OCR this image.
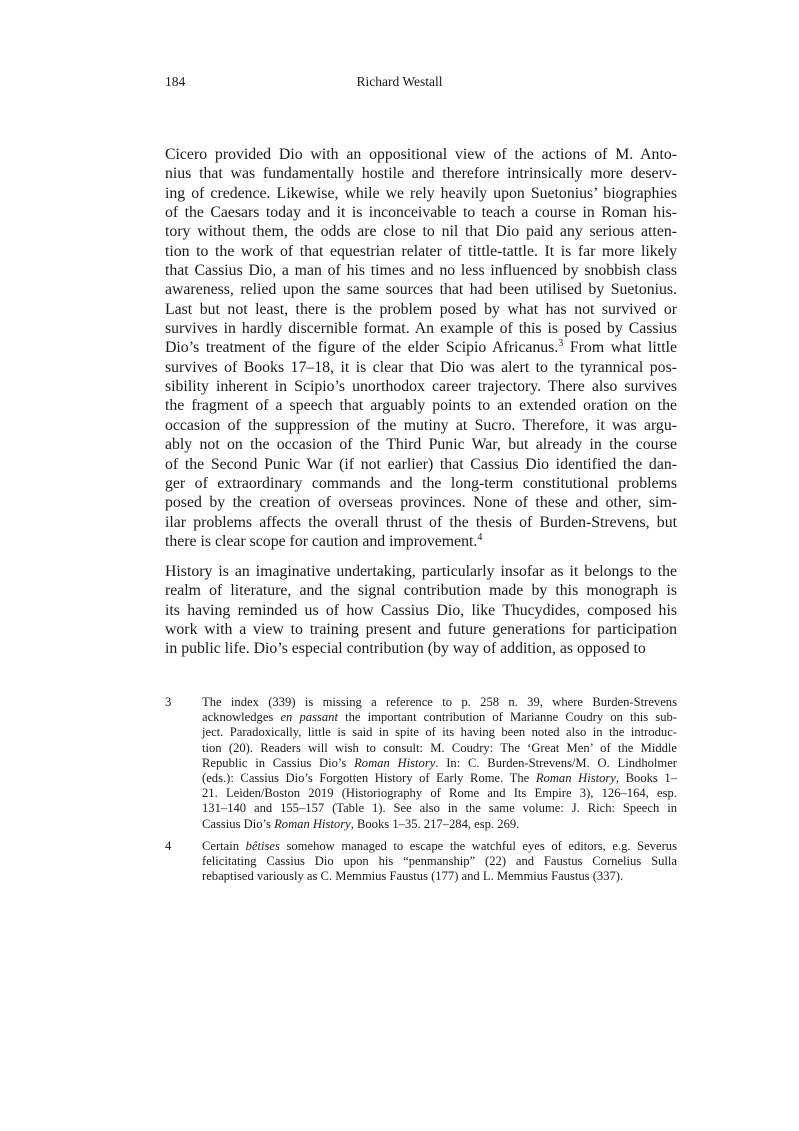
184	Richard Westall
Cicero provided Dio with an oppositional view of the actions of M. Anto-
nius that was fundamentally hostile and therefore intrinsically more deserv-
ing of credence. Likewise, while we rely heavily upon Suetonius’ biographies
of the Caesars today and it is inconceivable to teach a course in Roman his-
tory without them, the odds are close to nil that Dio paid any serious atten-
tion to the work of that equestrian relater of tittle-tattle. It is far more likely
that Cassius Dio, a man of his times and no less influenced by snobbish class
awareness, relied upon the same sources that had been utilised by Suetonius.
Last but not least, there is the problem posed by what has not survived or
survives in hardly discernible format. An example of this is posed by Cassius
Dio’s treatment of the figure of the elder Scipio Africanus.$^3$ From what little
survives of Books 17–18, it is clear that Dio was alert to the tyrannical pos-
sibility inherent in Scipio’s unorthodox career trajectory. There also survives
the fragment of a speech that arguably points to an extended oration on the
occasion of the suppression of the mutiny at Sucro. Therefore, it was argu-
ably not on the occasion of the Third Punic War, but already in the course
of the Second Punic War (if not earlier) that Cassius Dio identified the dan-
ger of extraordinary commands and the long-term constitutional problems
posed by the creation of overseas provinces. None of these and other, sim-
ilar problems affects the overall thrust of the thesis of Burden-Strevens, but
there is clear scope for caution and improvement.$^4$
History is an imaginative undertaking, particularly insofar as it belongs to the
realm of literature, and the signal contribution made by this monograph is
its having reminded us of how Cassius Dio, like Thucydides, composed his
work with a view to training present and future generations for participation
in public life. Dio’s especial contribution (by way of addition, as opposed to
3 The index (339) is missing a reference to p. 258 n. 39, where Burden-Strevens
acknowledges en passant the important contribution of Marianne Coudry on this sub-
ject. Paradoxically, little is said in spite of its having been noted also in the introduc-
tion (20). Readers will wish to consult: M. Coudry: The ‘Great Men’ of the Middle
Republic in Cassius Dio’s Roman History. In: C. Burden-Strevens/M. O. Lindholmer
(eds.): Cassius Dio’s Forgotten History of Early Rome. The Roman History, Books 1–
21. Leiden/Boston 2019 (Historiography of Rome and Its Empire 3), 126–164, esp.
131–140 and 155–157 (Table 1). See also in the same volume: J. Rich: Speech in
Cassius Dio’s Roman History, Books 1–35. 217–284, esp. 269.
4 Certain bêtises somehow managed to escape the watchful eyes of editors, e.g. Severus
felicitating Cassius Dio upon his “penmanship” (22) and Faustus Cornelius Sulla
rebaptised variously as C. Memmius Faustus (177) and L. Memmius Faustus (337).
